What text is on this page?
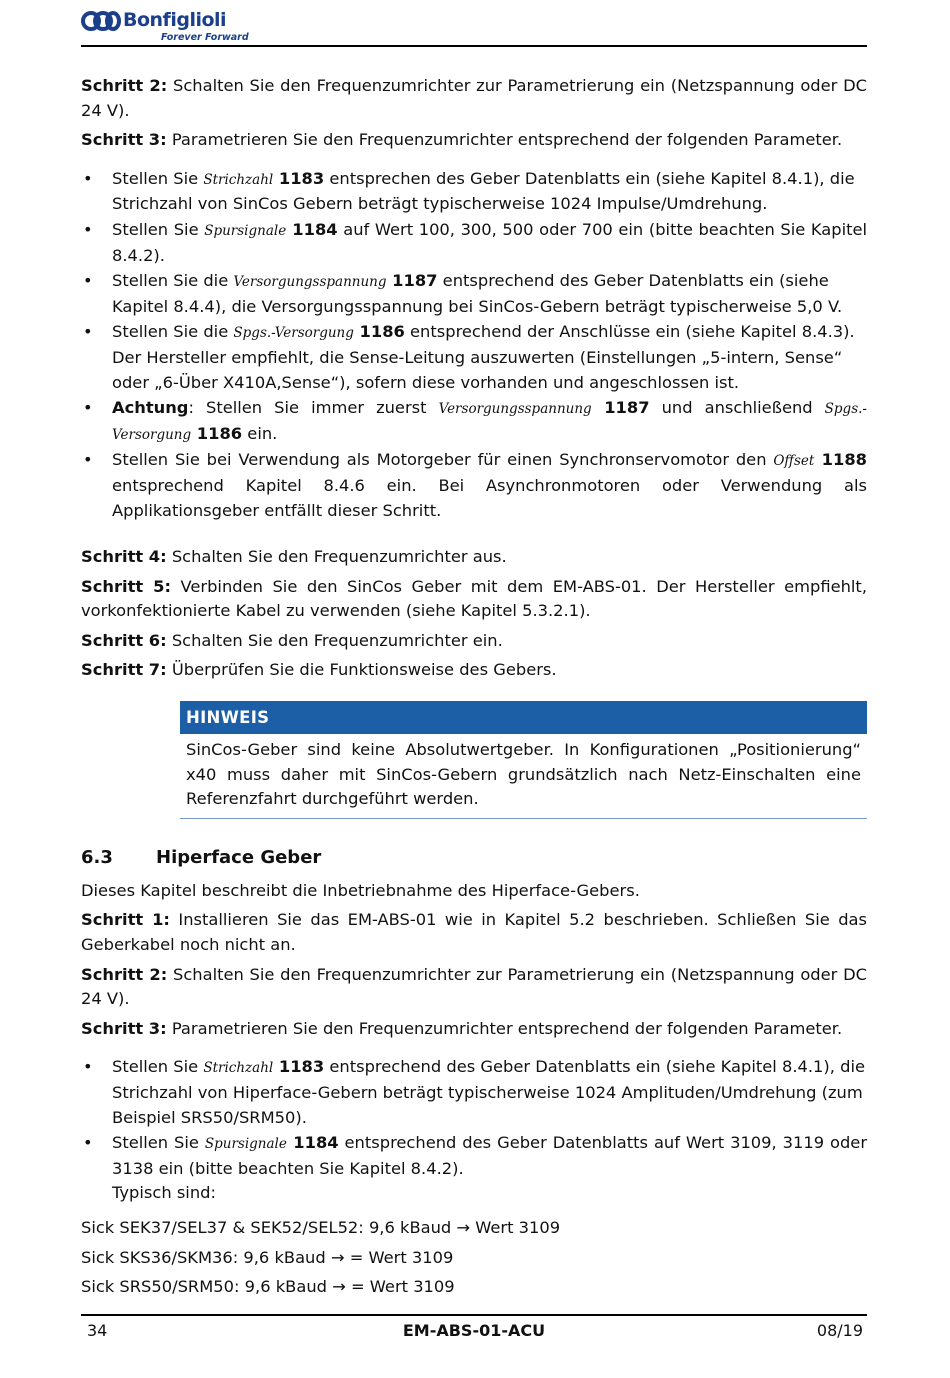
Bonfiglioli
Forever Forward

Schritt 2: Schalten Sie den Frequenzumrichter zur Parametrierung ein (Netzspannung oder DC 24 V).

Schritt 3: Parametrieren Sie den Frequenzumrichter entsprechend der folgenden Parameter.

• Stellen Sie Strichzahl 1183 entsprechen des Geber Datenblatts ein (siehe Kapitel 8.4.1), die Strichzahl von SinCos Gebern beträgt typischerweise 1024 Impulse/Umdrehung.
• Stellen Sie Spursignale 1184 auf Wert 100, 300, 500 oder 700 ein (bitte beachten Sie Kapitel 8.4.2).
• Stellen Sie die Versorgungsspannung 1187 entsprechend des Geber Datenblatts ein (siehe Kapitel 8.4.4), die Versorgungsspannung bei SinCos-Gebern beträgt typischerweise 5,0 V.
• Stellen Sie die Spgs.-Versorgung 1186 entsprechend der Anschlüsse ein (siehe Kapitel 8.4.3). Der Hersteller empfiehlt, die Sense-Leitung auszuwerten (Einstellungen „5-intern, Sense“ oder „6-Über X410A,Sense“), sofern diese vorhanden und angeschlossen ist.
• Achtung: Stellen Sie immer zuerst Versorgungsspannung 1187 und anschließend Spgs.-Versorgung 1186 ein.
• Stellen Sie bei Verwendung als Motorgeber für einen Synchronservomotor den Offset 1188 entsprechend Kapitel 8.4.6 ein. Bei Asynchronmotoren oder Verwendung als Applikationsgeber entfällt dieser Schritt.

Schritt 4: Schalten Sie den Frequenzumrichter aus.

Schritt 5: Verbinden Sie den SinCos Geber mit dem EM-ABS-01. Der Hersteller empfiehlt, vorkonfektionierte Kabel zu verwenden (siehe Kapitel 5.3.2.1).

Schritt 6: Schalten Sie den Frequenzumrichter ein.

Schritt 7: Überprüfen Sie die Funktionsweise des Gebers.

HINWEIS
SinCos-Geber sind keine Absolutwertgeber. In Konfigurationen „Positionierung“ x40 muss daher mit SinCos-Gebern grundsätzlich nach Netz-Einschalten eine Referenzfahrt durchgeführt werden.
6.3 Hiperface Geber

Dieses Kapitel beschreibt die Inbetriebnahme des Hiperface-Gebers.

Schritt 1: Installieren Sie das EM-ABS-01 wie in Kapitel 5.2 beschrieben. Schließen Sie das Geberkabel noch nicht an.

Schritt 2: Schalten Sie den Frequenzumrichter zur Parametrierung ein (Netzspannung oder DC 24 V).

Schritt 3: Parametrieren Sie den Frequenzumrichter entsprechend der folgenden Parameter.

• Stellen Sie Strichzahl 1183 entsprechend des Geber Datenblatts ein (siehe Kapitel 8.4.1), die Strichzahl von Hiperface-Gebern beträgt typischerweise 1024 Amplituden/Umdrehung (zum Beispiel SRS50/SRM50).
• Stellen Sie Spursignale 1184 entsprechend des Geber Datenblatts auf Wert 3109, 3119 oder 3138 ein (bitte beachten Sie Kapitel 8.4.2).
Typisch sind:

Sick SEK37/SEL37 & SEK52/SEL52: 9,6 kBaud → Wert 3109

Sick SKS36/SKM36: 9,6 kBaud → = Wert 3109

Sick SRS50/SRM50: 9,6 kBaud → = Wert 3109

EM-ABS-01-ACU
34	08/19
